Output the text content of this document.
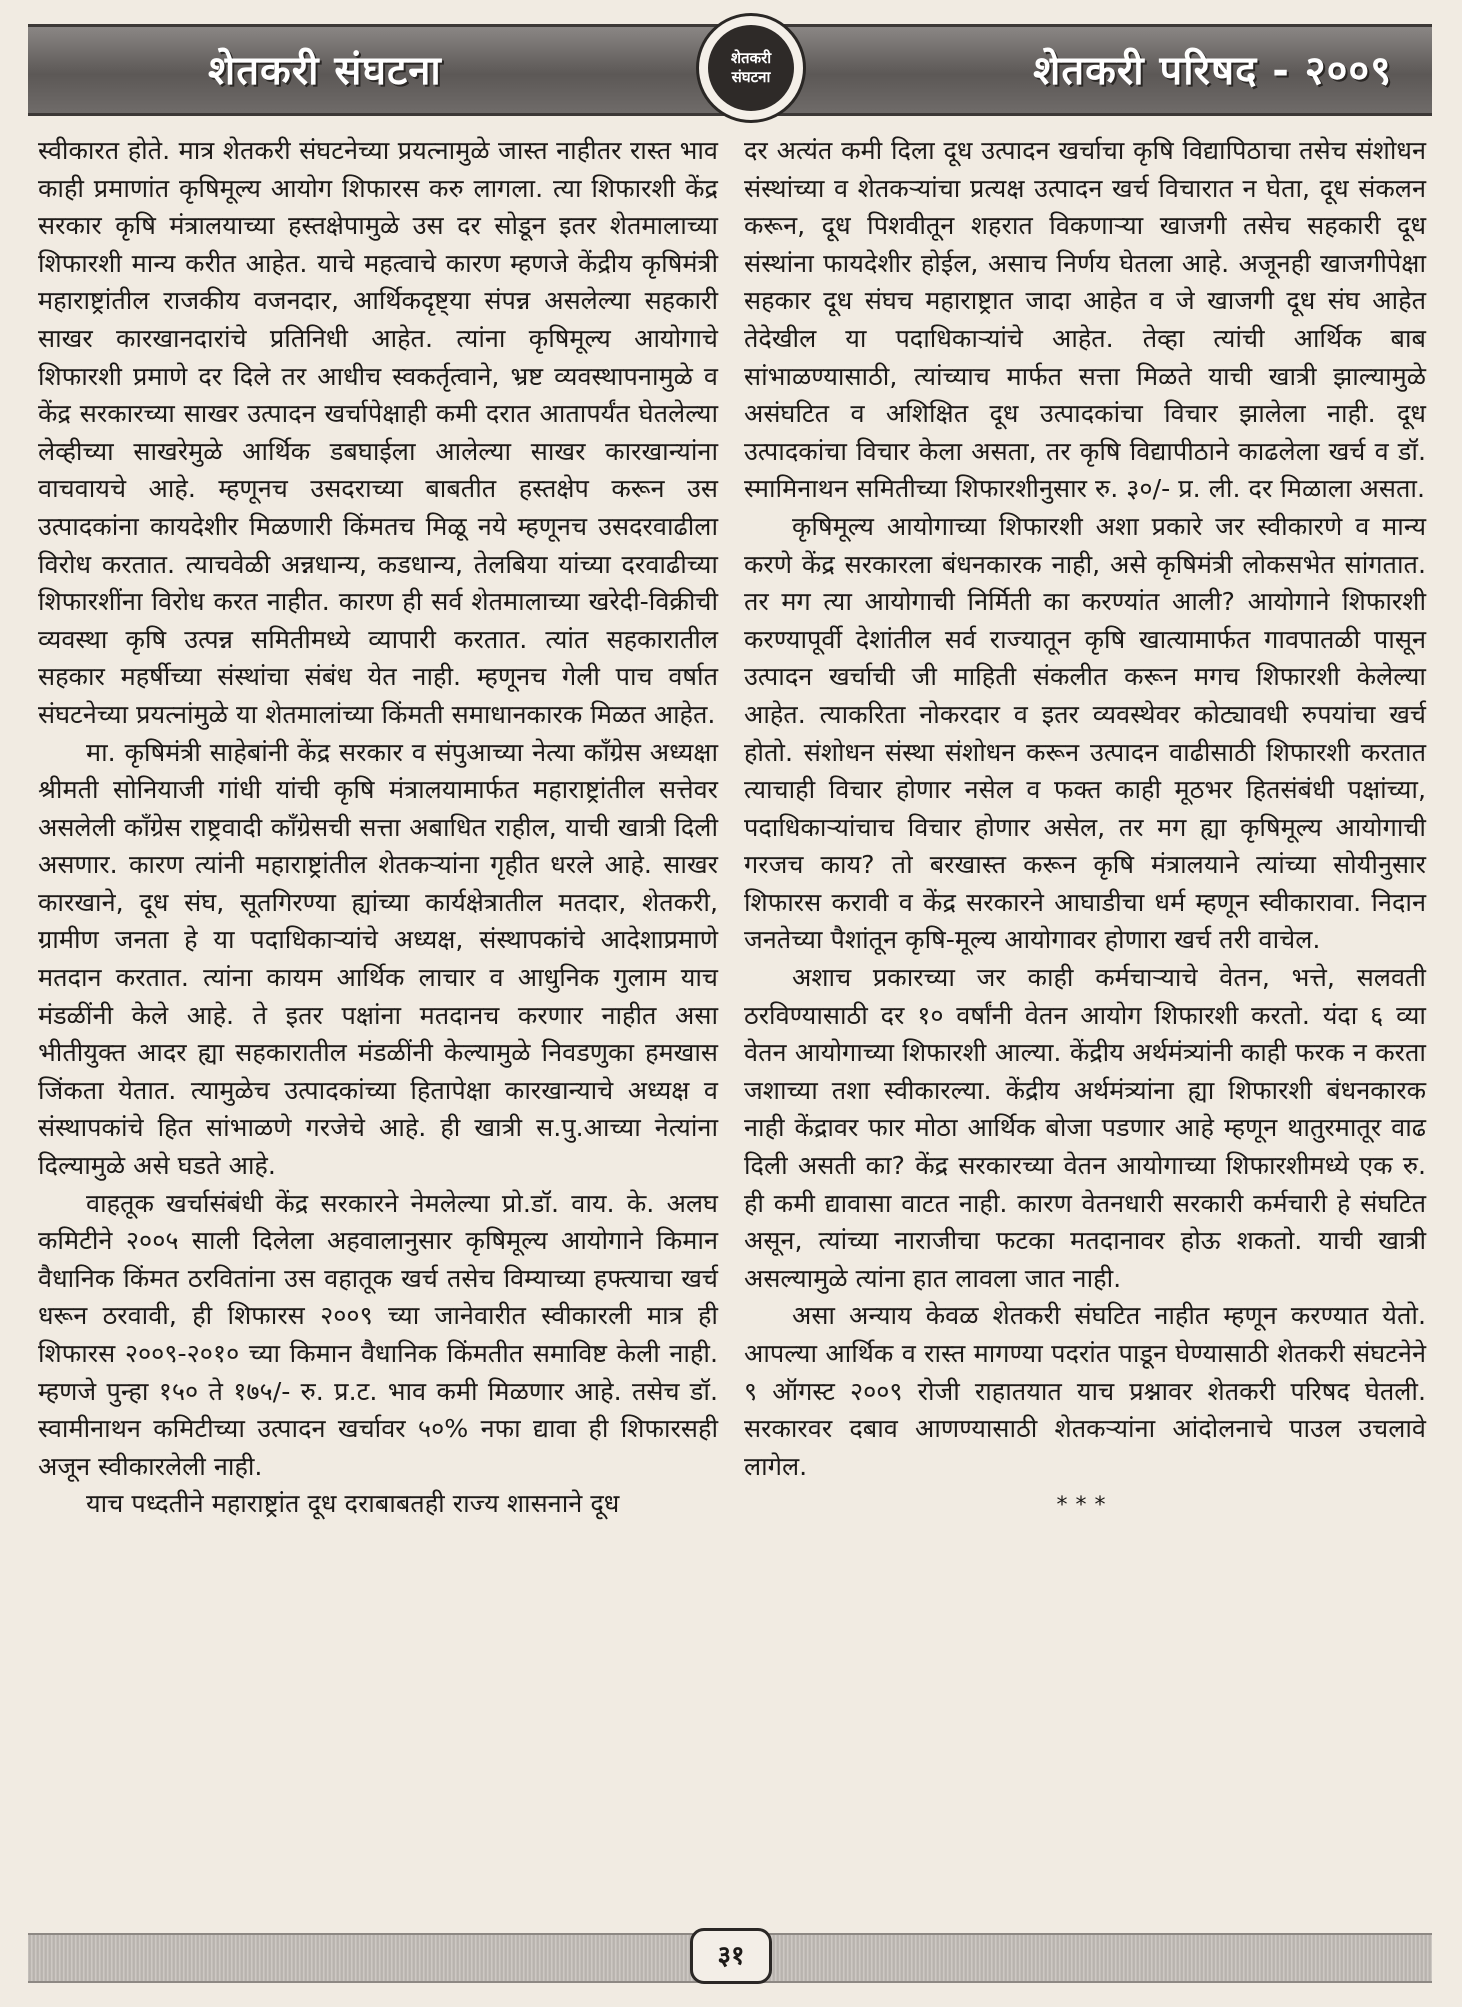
शेतकरी संघटना	शेतकरी
संघटना	शेतकरी परिषद - २००९

स्वीकारत होते. मात्र शेतकरी संघटनेच्या प्रयत्नामुळे जास्त नाहीतर रास्त भाव काही प्रमाणांत कृषिमूल्य आयोग शिफारस करु लागला. त्या शिफारशी केंद्र सरकार कृषि मंत्रालयाच्या हस्तक्षेपामुळे उस दर सोडून इतर शेतमालाच्या शिफारशी मान्य करीत आहेत. याचे महत्वाचे कारण म्हणजे केंद्रीय कृषिमंत्री महाराष्ट्रांतील राजकीय वजनदार, आर्थिकदृष्ट्या संपन्न असलेल्या सहकारी साखर कारखानदारांचे प्रतिनिधी आहेत. त्यांना कृषिमूल्य आयोगाचे शिफारशी प्रमाणे दर दिले तर आधीच स्वकर्तृत्वाने, भ्रष्ट व्यवस्थापनामुळे व केंद्र सरकारच्या साखर उत्पादन खर्चापेक्षाही कमी दरात आतापर्यंत घेतलेल्या लेव्हीच्या साखरेमुळे आर्थिक डबघाईला आलेल्या साखर कारखान्यांना वाचवायचे आहे. म्हणूनच उसदराच्या बाबतीत हस्तक्षेप करून उस उत्पादकांना कायदेशीर मिळणारी किंमतच मिळू नये म्हणूनच उसदरवाढीला विरोध करतात. त्याचवेळी अन्नधान्य, कडधान्य, तेलबिया यांच्या दरवाढीच्या शिफारशींना विरोध करत नाहीत. कारण ही सर्व शेतमालाच्या खरेदी-विक्रीची व्यवस्था कृषि उत्पन्न समितीमध्ये व्यापारी करतात. त्यांत सहकारातील सहकार महर्षीच्या संस्थांचा संबंध येत नाही. म्हणूनच गेली पाच वर्षात संघटनेच्या प्रयत्नांमुळे या शेतमालांच्या किंमती समाधानकारक मिळत आहेत.

मा. कृषिमंत्री साहेबांनी केंद्र सरकार व संपुआच्या नेत्या कॉंग्रेस अध्यक्षा श्रीमती सोनियाजी गांधी यांची कृषि मंत्रालयामार्फत महाराष्ट्रांतील सत्तेवर असलेली कॉंग्रेस राष्ट्रवादी कॉंग्रेसची सत्ता अबाधित राहील, याची खात्री दिली असणार. कारण त्यांनी महाराष्ट्रांतील शेतकऱ्यांना गृहीत धरले आहे. साखर कारखाने, दूध संघ, सूतगिरण्या ह्यांच्या कार्यक्षेत्रातील मतदार, शेतकरी, ग्रामीण जनता हे या पदाधिकाऱ्यांचे अध्यक्ष, संस्थापकांचे आदेशाप्रमाणे मतदान करतात. त्यांना कायम आर्थिक लाचार व आधुनिक गुलाम याच मंडळींनी केले आहे. ते इतर पक्षांना मतदानच करणार नाहीत असा भीतीयुक्त आदर ह्या सहकारातील मंडळींनी केल्यामुळे निवडणुका हमखास जिंकता येतात. त्यामुळेच उत्पादकांच्या हितापेक्षा कारखान्याचे अध्यक्ष व संस्थापकांचे हित सांभाळणे गरजेचे आहे. ही खात्री स.पु.आच्या नेत्यांना दिल्यामुळे असे घडते आहे.

वाहतूक खर्चासंबंधी केंद्र सरकारने नेमलेल्या प्रो.डॉ. वाय. के. अलघ कमिटीने २००५ साली दिलेला अहवालानुसार कृषिमूल्य आयोगाने किमान वैधानिक किंमत ठरवितांना उस वहातूक खर्च तसेच विम्याच्या हफ्त्याचा खर्च धरून ठरवावी, ही शिफारस २००९ च्या जानेवारीत स्वीकारली मात्र ही शिफारस २००९-२०१० च्या किमान वैधानिक किंमतीत समाविष्ट केली नाही. म्हणजे पुन्हा १५० ते १७५/- रु. प्र.ट. भाव कमी मिळणार आहे. तसेच डॉ. स्वामीनाथन कमिटीच्या उत्पादन खर्चावर ५०% नफा द्यावा ही शिफारसही अजून स्वीकारलेली नाही.

याच पध्दतीने महाराष्ट्रांत दूध दराबाबतही राज्य शासनाने दूध

दर अत्यंत कमी दिला दूध उत्पादन खर्चाचा कृषि विद्यापिठाचा तसेच संशोधन संस्थांच्या व शेतकऱ्यांचा प्रत्यक्ष उत्पादन खर्च विचारात न घेता, दूध संकलन करून, दूध पिशवीतून शहरात विकणाऱ्या खाजगी तसेच सहकारी दूध संस्थांना फायदेशीर होईल, असाच निर्णय घेतला आहे. अजूनही खाजगीपेक्षा सहकार दूध संघच महाराष्ट्रात जादा आहेत व जे खाजगी दूध संघ आहेत तेदेखील या पदाधिकाऱ्यांचे आहेत. तेव्हा त्यांची आर्थिक बाब सांभाळण्यासाठी, त्यांच्याच मार्फत सत्ता मिळते याची खात्री झाल्यामुळे असंघटित व अशिक्षित दूध उत्पादकांचा विचार झालेला नाही. दूध उत्पादकांचा विचार केला असता, तर कृषि विद्यापीठाने काढलेला खर्च व डॉ. स्मामिनाथन समितीच्या शिफारशीनुसार रु. ३०/- प्र. ली. दर मिळाला असता.

कृषिमूल्य आयोगाच्या शिफारशी अशा प्रकारे जर स्वीकारणे व मान्य करणे केंद्र सरकारला बंधनकारक नाही, असे कृषिमंत्री लोकसभेत सांगतात. तर मग त्या आयोगाची निर्मिती का करण्यांत आली? आयोगाने शिफारशी करण्यापूर्वी देशांतील सर्व राज्यातून कृषि खात्यामार्फत गावपातळी पासून उत्पादन खर्चाची जी माहिती संकलीत करून मगच शिफारशी केलेल्या आहेत. त्याकरिता नोकरदार व इतर व्यवस्थेवर कोट्यावधी रुपयांचा खर्च होतो. संशोधन संस्था संशोधन करून उत्पादन वाढीसाठी शिफारशी करतात त्याचाही विचार होणार नसेल व फक्त काही मूठभर हितसंबंधी पक्षांच्या, पदाधिकाऱ्यांचाच विचार होणार असेल, तर मग ह्या कृषिमूल्य आयोगाची गरजच काय? तो बरखास्त करून कृषि मंत्रालयाने त्यांच्या सोयीनुसार शिफारस करावी व केंद्र सरकारने आघाडीचा धर्म म्हणून स्वीकारावा. निदान जनतेच्या पैशांतून कृषि-मूल्य आयोगावर होणारा खर्च तरी वाचेल.

अशाच प्रकारच्या जर काही कर्मचाऱ्याचे वेतन, भत्ते, सलवती ठरविण्यासाठी दर १० वर्षांनी वेतन आयोग शिफारशी करतो. यंदा ६ व्या वेतन आयोगाच्या शिफारशी आल्या. केंद्रीय अर्थमंत्र्यांनी काही फरक न करता जशाच्या तशा स्वीकारल्या. केंद्रीय अर्थमंत्र्यांना ह्या शिफारशी बंधनकारक नाही केंद्रावर फार मोठा आर्थिक बोजा पडणार आहे म्हणून थातुरमातूर वाढ दिली असती का? केंद्र सरकारच्या वेतन आयोगाच्या शिफारशीमध्ये एक रु. ही कमी द्यावासा वाटत नाही. कारण वेतनधारी सरकारी कर्मचारी हे संघटित असून, त्यांच्या नाराजीचा फटका मतदानावर होऊ शकतो. याची खात्री असल्यामुळे त्यांना हात लावला जात नाही.

असा अन्याय केवळ शेतकरी संघटित नाहीत म्हणून करण्यात येतो. आपल्या आर्थिक व रास्त मागण्या पदरांत पाडून घेण्यासाठी शेतकरी संघटनेने ९ ऑगस्ट २००९ रोजी राहातयात याच प्रश्नावर शेतकरी परिषद घेतली. सरकारवर दबाव आणण्यासाठी शेतकऱ्यांना आंदोलनाचे पाउल उचलावे लागेल.

***

३१
